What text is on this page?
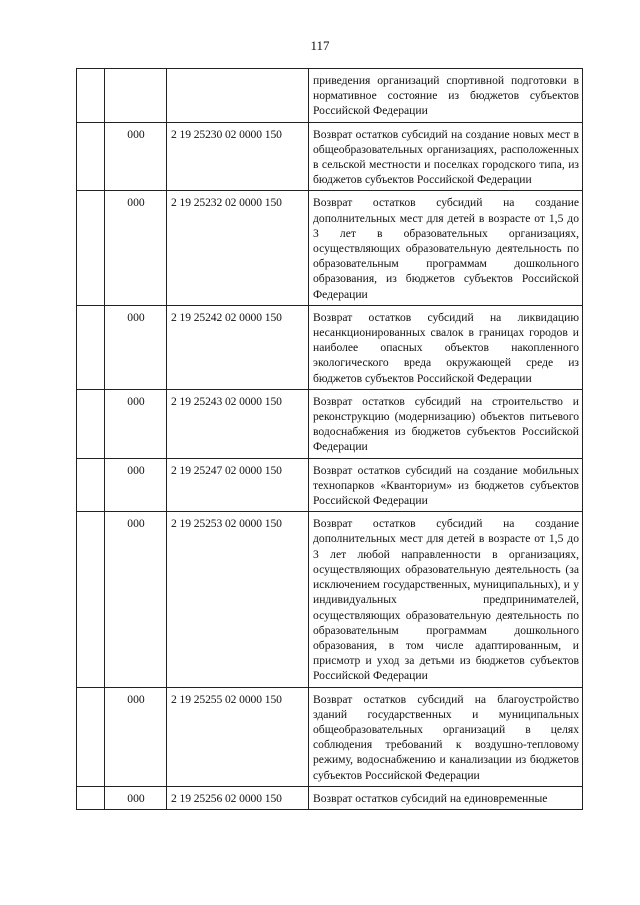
117
			приведения организаций спортивной подготовки в нормативное состояние из бюджетов субъектов Российской Федерации
	000	2 19 25230 02 0000 150	Возврат остатков субсидий на создание новых мест в общеобразовательных организациях, расположенных в сельской местности и поселках городского типа, из бюджетов субъектов Российской Федерации
	000	2 19 25232 02 0000 150	Возврат остатков субсидий на создание дополнительных мест для детей в возрасте от 1,5 до 3 лет в образовательных организациях, осуществляющих образовательную деятельность по образовательным программам дошкольного образования, из бюджетов субъектов Российской Федерации
	000	2 19 25242 02 0000 150	Возврат остатков субсидий на ликвидацию несанкционированных свалок в границах городов и наиболее опасных объектов накопленного экологического вреда окружающей среде из бюджетов субъектов Российской Федерации
	000	2 19 25243 02 0000 150	Возврат остатков субсидий на строительство и реконструкцию (модернизацию) объектов питьевого водоснабжения из бюджетов субъектов Российской Федерации
	000	2 19 25247 02 0000 150	Возврат остатков субсидий на создание мобильных технопарков «Кванториум» из бюджетов субъектов Российской Федерации
	000	2 19 25253 02 0000 150	Возврат остатков субсидий на создание дополнительных мест для детей в возрасте от 1,5 до 3 лет любой направленности в организациях, осуществляющих образовательную деятельность (за исключением государственных, муниципальных), и у индивидуальных предпринимателей, осуществляющих образовательную деятельность по образовательным программам дошкольного образования, в том числе адаптированным, и присмотр и уход за детьми из бюджетов субъектов Российской Федерации
	000	2 19 25255 02 0000 150	Возврат остатков субсидий на благоустройство зданий государственных и муниципальных общеобразовательных организаций в целях соблюдения требований к воздушно-тепловому режиму, водоснабжению и канализации из бюджетов субъектов Российской Федерации
	000	2 19 25256 02 0000 150	Возврат остатков субсидий на единовременные
